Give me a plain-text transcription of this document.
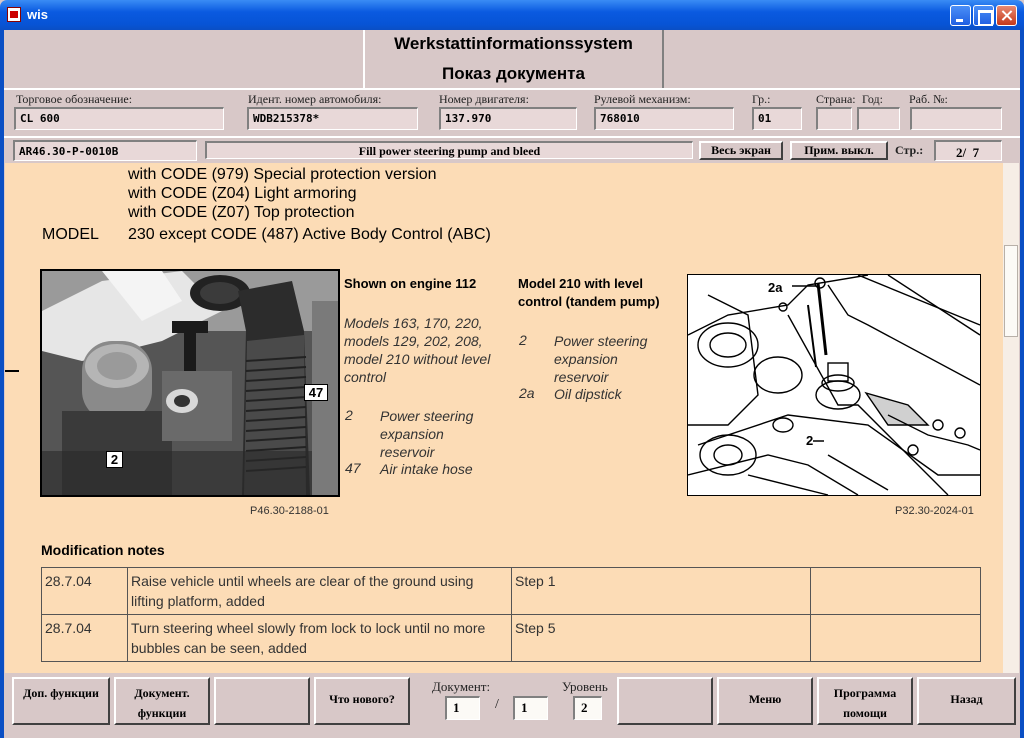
wis
Werkstattinformationssystem
Показ документа
Торговое обозначение:
CL 600
Идент. номер автомобиля:
WDB215378*
Номер двигателя:
137.970
Рулевой механизм:
768010
Гр.:
01
Страна: Год: Раб. №:
AR46.30-P-0010B	Fill power steering pump and bleed	Весь экран	Прим. выкл.	Стр.:	2/  7
with CODE (979) Special protection version
with CODE (Z04) Light armoring
with CODE (Z07) Top protection
MODEL 230 except CODE (487) Active Body Control (ABC)
47
2
P46.30-2188-01
Shown on engine 112
Models 163, 170, 220, models 129, 202, 208, model 210 without level control
2 Power steering expansion reservoir
47 Air intake hose
Model 210 with level control (tandem pump)
2 Power steering expansion reservoir
2a Oil dipstick
2a
2
P32.30-2024-01
Modification notes
28.7.04	Raise vehicle until wheels are clear of the ground using lifting platform, added	Step 1	
28.7.04	Turn steering wheel slowly from lock to lock until no more bubbles can be seen, added	Step 5	
Доп. функции	Документ. функции
Что нового?
Документ:
1	/	1
Уровень
2
Меню	Программа помощи
Назад
